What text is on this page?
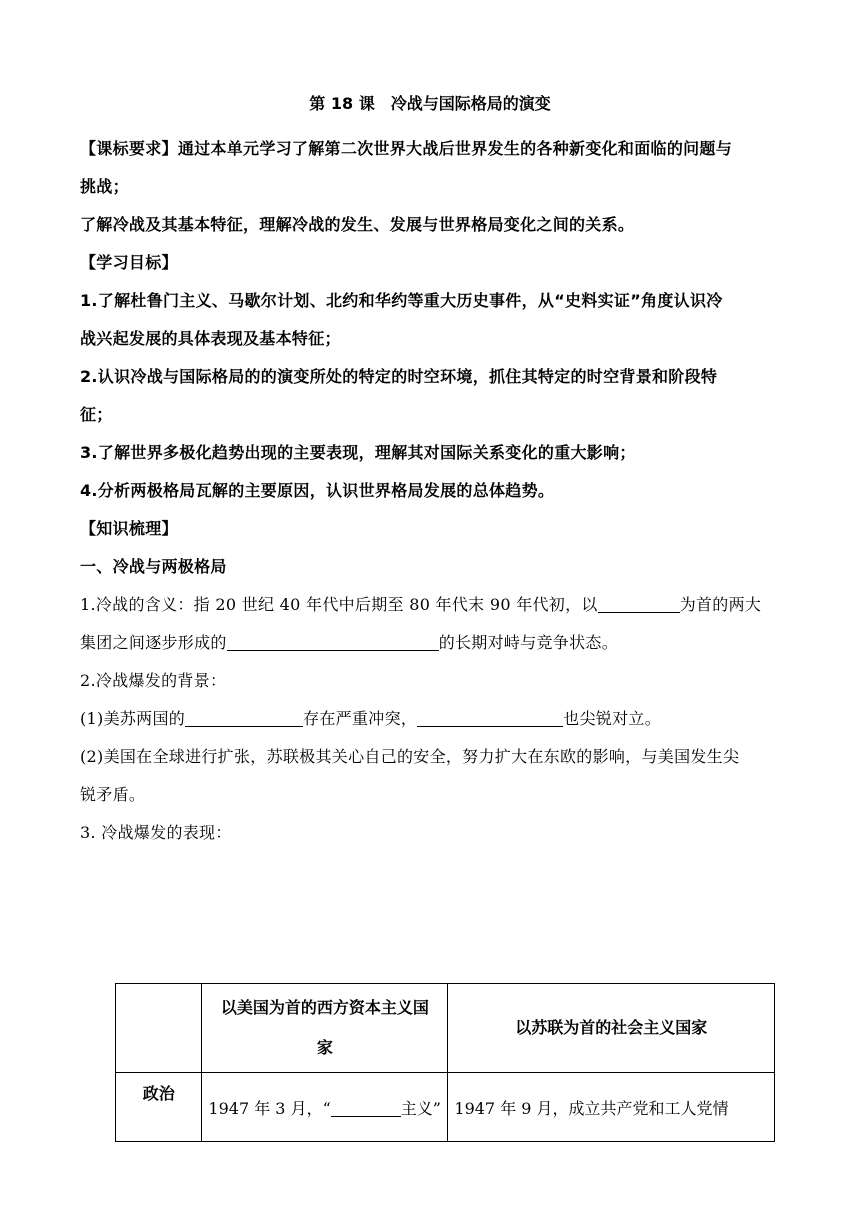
第 18 课　冷战与国际格局的演变

【课标要求】通过本单元学习了解第二次世界大战后世界发生的各种新变化和面临的问题与

挑战；

了解冷战及其基本特征，理解冷战的发生、发展与世界格局变化之间的关系。

【学习目标】

1.了解杜鲁门主义、马歇尔计划、北约和华约等重大历史事件，从“史料实证”角度认识冷

战兴起发展的具体表现及基本特征；

2.认识冷战与国际格局的的演变所处的特定的时空环境，抓住其特定的时空背景和阶段特

征；

3.了解世界多极化趋势出现的主要表现，理解其对国际关系变化的重大影响；

4.分析两极格局瓦解的主要原因，认识世界格局发展的总体趋势。

【知识梳理】

一、冷战与两极格局

1.冷战的含义：指 20 世纪 40 年代中后期至 80 年代末 90 年代初，以	为首的两大

集团之间逐步形成的	的长期对峙与竞争状态。

2.冷战爆发的背景：

(1)美苏两国的	存在严重冲突，	也尖锐对立。

(2)美国在全球进行扩张，苏联极其关心自己的安全，努力扩大在东欧的影响，与美国发生尖

锐矛盾。

3. 冷战爆发的表现：

	以美国为首的西方资本主义国
家	以苏联为首的社会主义国家
政治	1947 年 3 月，“ 主义”	1947 年 9 月，成立共产党和工人党情
